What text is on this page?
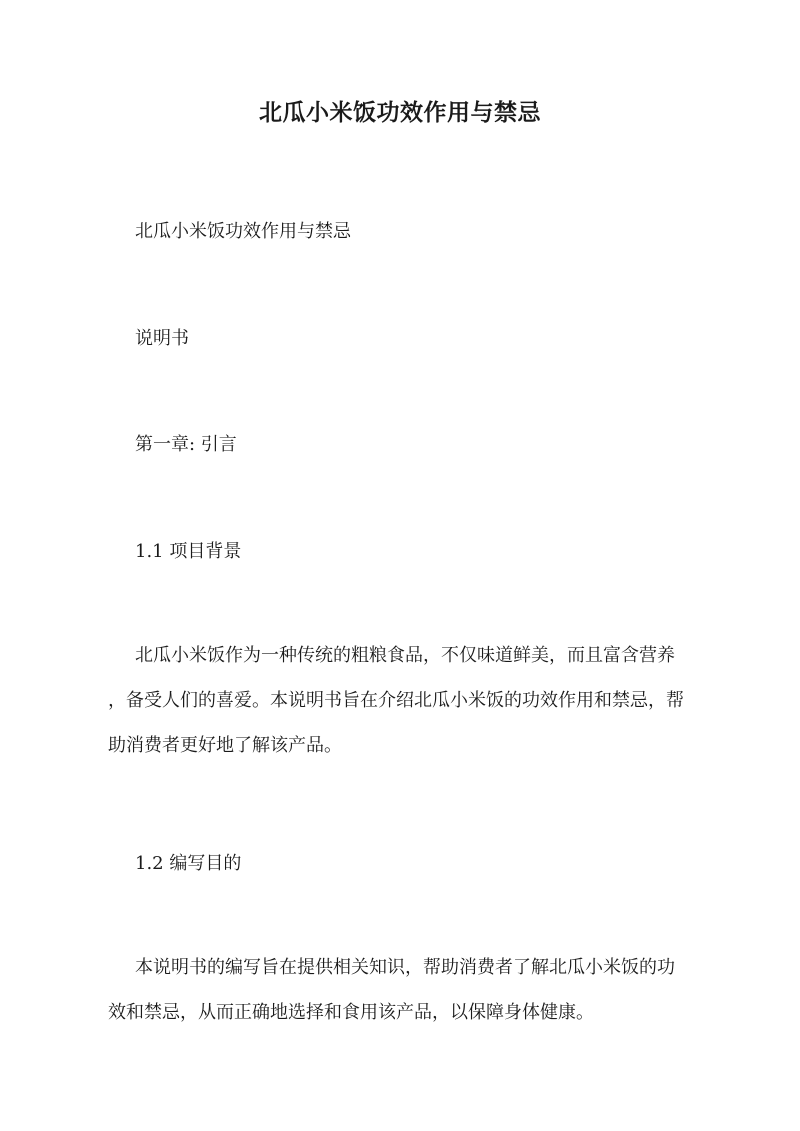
北瓜小米饭功效作用与禁忌
北瓜小米饭功效作用与禁忌
说明书
第一章: 引言
1.1 项目背景
北瓜小米饭作为一种传统的粗粮食品，不仅味道鲜美，而且富含营养
，备受人们的喜爱。本说明书旨在介绍北瓜小米饭的功效作用和禁忌，帮
助消费者更好地了解该产品。
1.2 编写目的
本说明书的编写旨在提供相关知识，帮助消费者了解北瓜小米饭的功
效和禁忌，从而正确地选择和食用该产品，以保障身体健康。
